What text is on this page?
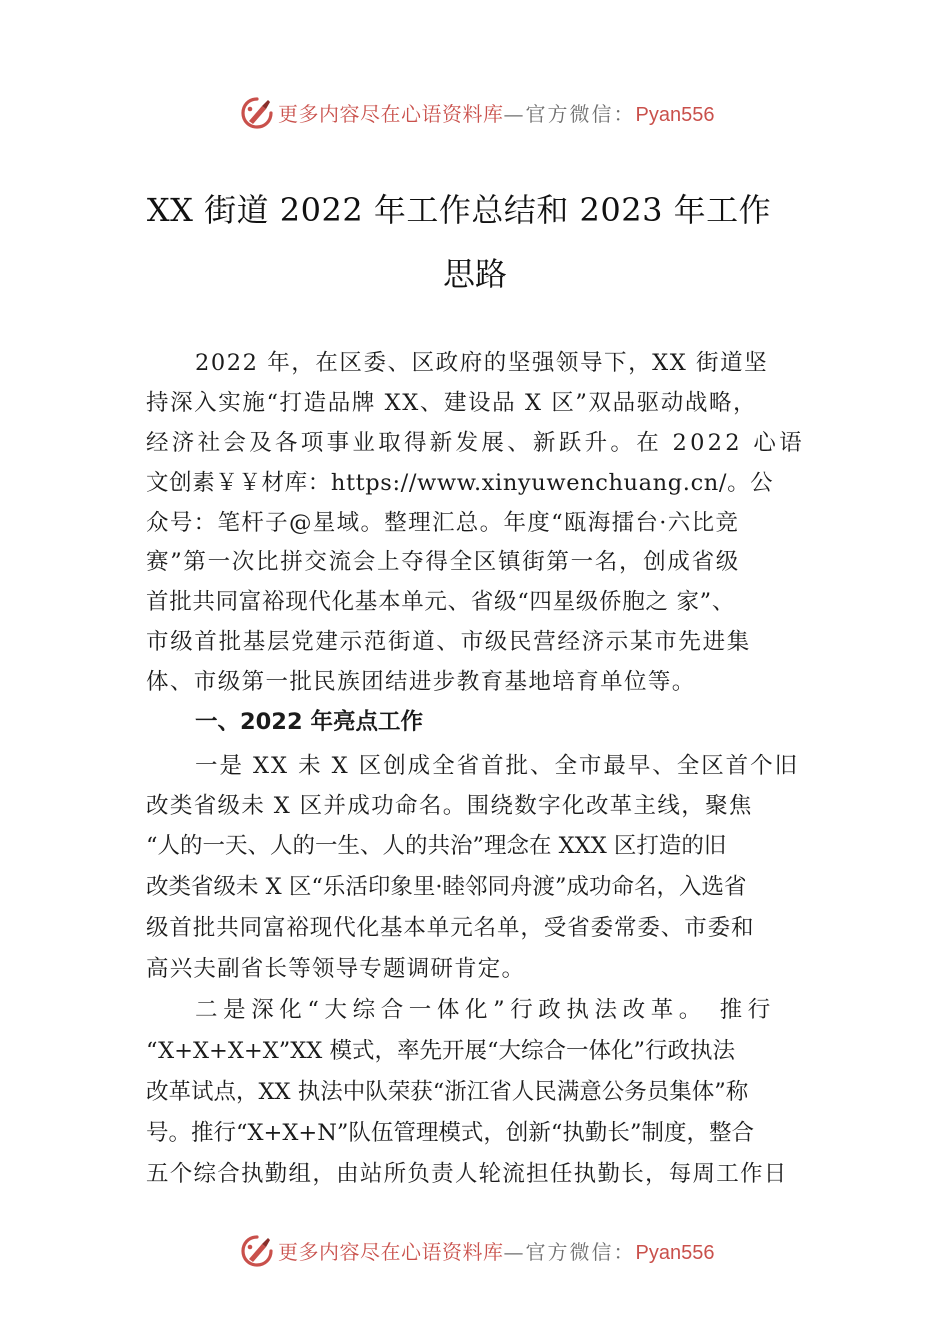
更多内容尽在心语资料库—官方微信：Pyan556
XX 街道 2022 年工作总结和 2023 年工作
思路
2022 年，在区委、区政府的坚强领导下，XX 街道坚
持深入实施“打造品牌 XX、建设品 X 区”双品驱动战略，
经济社会及各项事业取得新发展、新跃升。在 2022 心语
文创素￥￥材库：https://www.xinyuwenchuang.cn/。公
众号：笔杆子@星域。整理汇总。年度“瓯海擂台·六比竞
赛”第一次比拼交流会上夺得全区镇街第一名，创成省级
首批共同富裕现代化基本单元、省级“四星级侨胞之 家”、
市级首批基层党建示范街道、市级民营经济示某市先进集
体、市级第一批民族团结进步教育基地培育单位等。
一、2022 年亮点工作
一是 XX 未 X 区创成全省首批、全市最早、全区首个旧
改类省级未 X 区并成功命名。围绕数字化改革主线，聚焦
“人的一天、人的一生、人的共治”理念在 XXX 区打造的旧
改类省级未 X 区“乐活印象里·睦邻同舟渡”成功命名，入选省
级首批共同富裕现代化基本单元名单，受省委常委、市委和
高兴夫副省长等领导专题调研肯定。
二是深化“大综合一体化”行政执法改革。 推行
“X+X+X+X”XX 模式，率先开展“大综合一体化”行政执法
改革试点，XX 执法中队荣获“浙江省人民满意公务员集体”称
号。推行“X+X+N”队伍管理模式，创新“执勤长”制度，整合
五个综合执勤组，由站所负责人轮流担任执勤长，每周工作日
更多内容尽在心语资料库—官方微信：Pyan556
